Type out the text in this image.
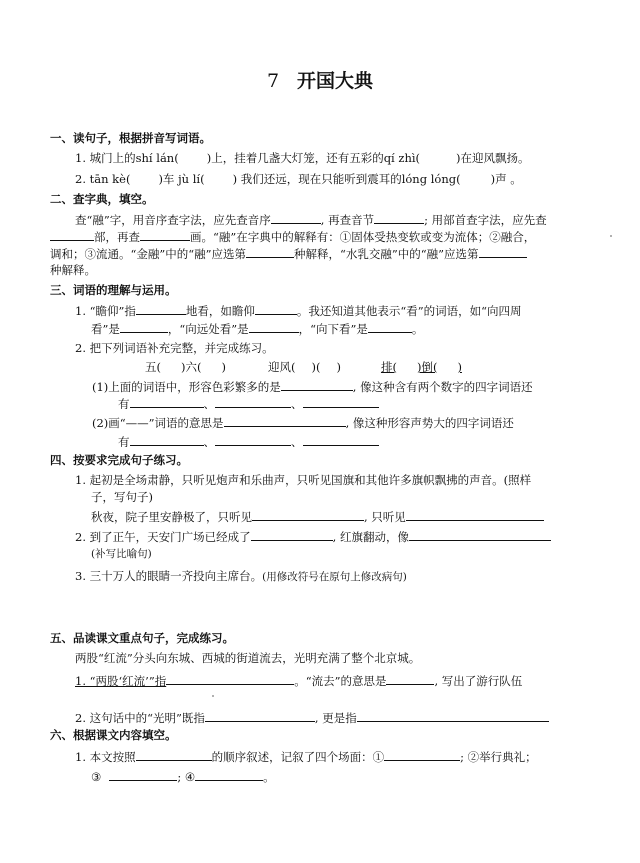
7 开国大典
一、读句子，根据拼音写词语。
1. 城门上的shí lán( )上，挂着几盏大灯笼，还有五彩的qí zhì(	)在迎风飘扬。
2. tān kè( )车 jù lí( ) 我们还远，现在只能听到震耳的lóng lóng(	)声 。
二、查字典，填空。
查“融”字，用音序查字法，应先查音序	, 再查音节	; 用部首查字法，应先查
部，再查	画。“融”在字典中的解释有：①固体受热变软或变为流体；②融合，
调和；③流通。“金融”中的“融”应选第	种解释，“水乳交融”中的“融”应选第
种解释。
三、词语的理解与运用。
1. “瞻仰”指	地看，如瞻仰	。我还知道其他表示“看”的词语，如“向四周
看”是	，“向远处看”是	，“向下看”是	。
2. 把下列词语补充完整，并完成练习。
五( )六( )	迎风( )( )	排( )倒( )
(1)上面的词语中，形容色彩繁多的是	, 像这种含有两个数字的四字词语还
有	、	、
(2)画“——”词语的意思是	, 像这种形容声势大的四字词语还
有	、	、
四、按要求完成句子练习。
1. 起初是全场肃静，只听见炮声和乐曲声，只听见国旗和其他许多旗帜飘拂的声音。(照样
子，写句子)
秋夜，院子里安静极了，只听见	, 只听见
2. 到了正午，天安门广场已经成了	, 红旗翻动，像
(补写比喻句)
3. 三十万人的眼睛一齐投向主席台。(用修改符号在原句上修改病句)
五、品读课文重点句子，完成练习。
两股“红流”分头向东城、西城的街道流去，光明充满了整个北京城。
1. “两股‘红流’”指	。“流去”的意思是	, 写出了游行队伍
2. 这句话中的“光明”既指	, 更是指
六、根据课文内容填空。
1. 本文按照	的顺序叙述，记叙了四个场面：①	; ②举行典礼；
③	; ④	。
